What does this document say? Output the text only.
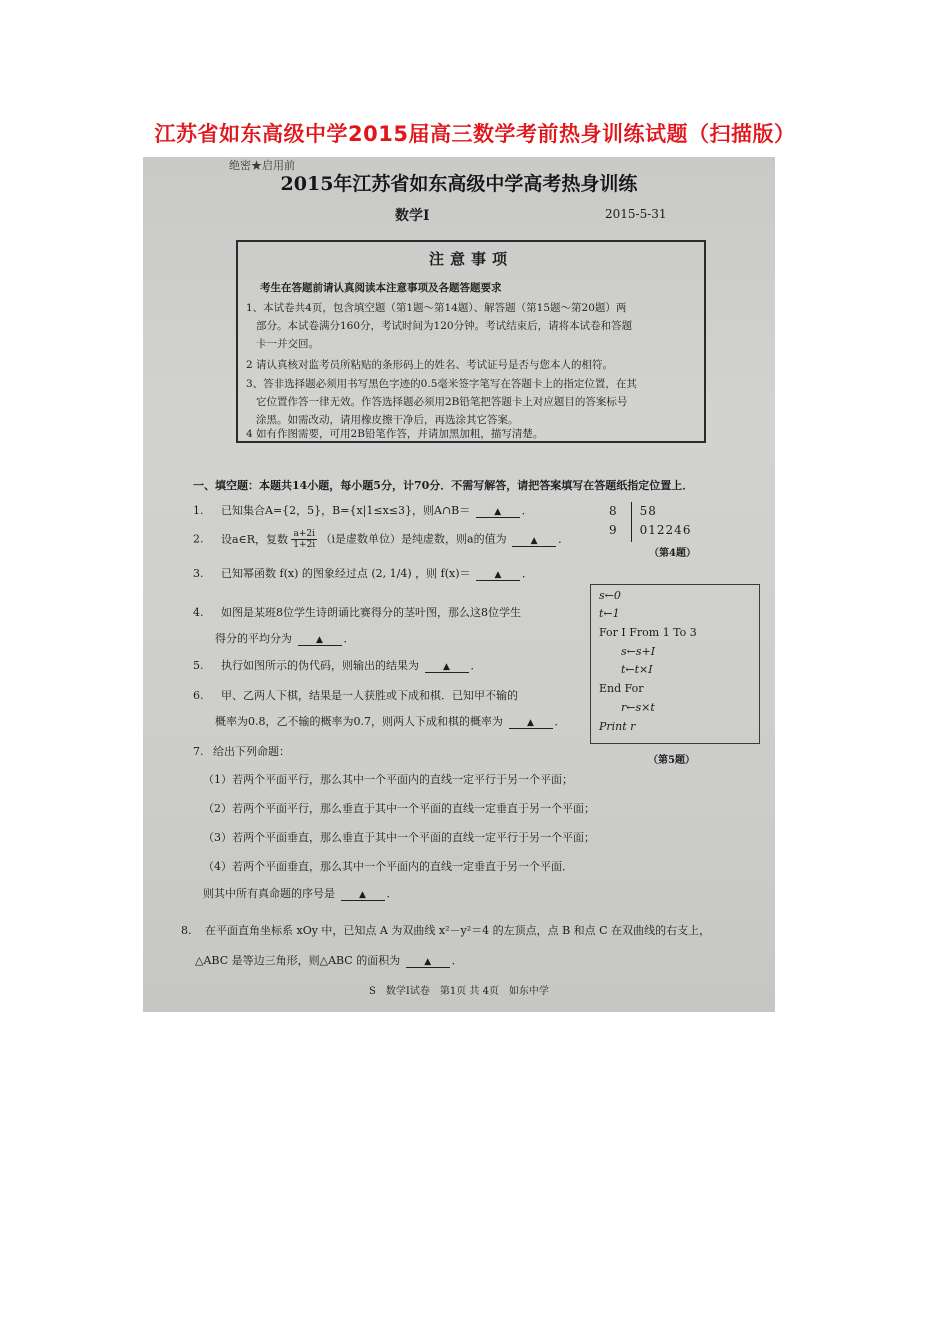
江苏省如东高级中学2015届高三数学考前热身训练试题（扫描版）
绝密★启用前
2015年江苏省如东高级中学高考热身训练
数学I	2015-5-31
注意事项
考生在答题前请认真阅读本注意事项及各题答题要求
1、本试卷共4页，包含填空题（第1题～第14题）、解答题（第15题～第20题）两
部分。本试卷满分160分，考试时间为120分钟。考试结束后，请将本试卷和答题
卡一并交回。
2 请认真核对监考员所粘贴的条形码上的姓名、考试证号是否与您本人的相符。
3、答非选择题必须用书写黑色字迹的0.5毫米签字笔写在答题卡上的指定位置，在其
它位置作答一律无效。作答选择题必须用2B铅笔把答题卡上对应题目的答案标号
涂黑。如需改动，请用橡皮擦干净后，再选涂其它答案。
4 如有作图需要，可用2B铅笔作答，并请加黑加粗，描写清楚。
一、填空题：本题共14小题，每小题5分，计70分．不需写解答，请把答案填写在答题纸指定位置上．
1. 已知集合A={2，5}，B={x|1≤x≤3}，则A∩B＝	▲ ．
2. 设a∈R，复数 $\frac{a+2i}{1+2i} (i$是虚数单位）是纯虚数，则a的值为	▲ ．
3. 已知幂函数 f(x) 的图象经过点 (2, 1/4) ，则 f(x)＝	▲ ．
4. 如图是某班8位学生诗朗诵比赛得分的茎叶图，那么这8位学生
得分的平均分为	▲ ．
5. 执行如图所示的伪代码，则输出的结果为	▲ ．
6. 甲、乙两人下棋，结果是一人获胜或下成和棋．已知甲不输的
概率为0.8，乙不输的概率为0.7，则两人下成和棋的概率为	▲ ．
7. 给出下列命题：
（1）若两个平面平行，那么其中一个平面内的直线一定平行于另一个平面；
（2）若两个平面平行，那么垂直于其中一个平面的直线一定垂直于另一个平面；
（3）若两个平面垂直，那么垂直于其中一个平面的直线一定平行于另一个平面；
（4）若两个平面垂直，那么其中一个平面内的直线一定垂直于另一个平面．
则其中所有真命题的序号是	▲ ．
8. 在平面直角坐标系 xOy 中，已知点 A 为双曲线 x²－y²＝4 的左顶点，点 B 和点 C 在双曲线的右支上，
△ABC 是等边三角形，则△ABC 的面积为	▲ ．
8 58
9 012246
（第4题）
s←0
t←1
For I From 1 To 3
s←s+I
t←t×I
End For
r←s×t
Print r
（第5题）
S　数学Ⅰ试卷　第1页 共 4页　如东中学
